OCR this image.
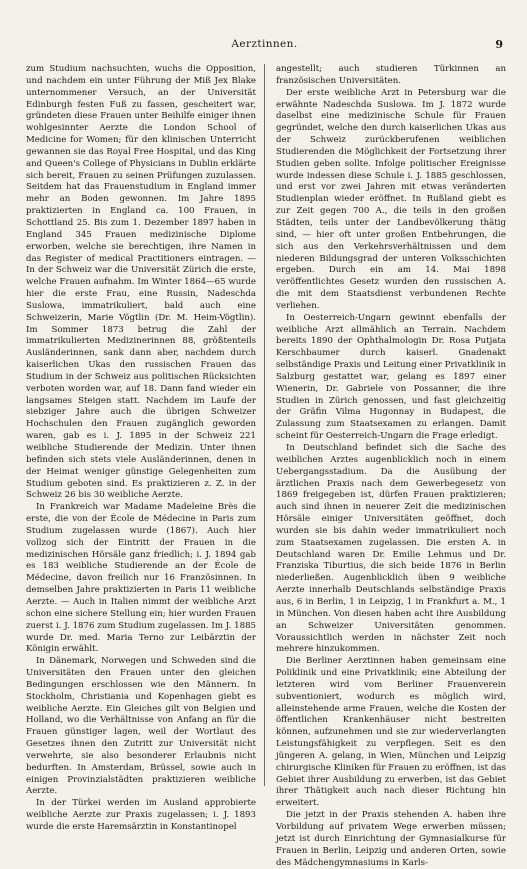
Aerztinnen.	9

zum Studium nachsuchten, wuchs die Opposition, und nachdem ein unter Führung der Miß Jex Blake unternommener Versuch, an der Universität Edinburgh festen Fuß zu fassen, gescheitert war, gründeten diese Frauen unter Beihilfe einiger ihnen wohlgesinnter Aerzte die London School of Medicine for Women; für den klinischen Unterricht gewannen sie das Royal Free Hospital, und das King and Queen's College of Physicians in Dublin erklärte sich bereit, Frauen zu seinen Prüfungen zuzulassen. Seitdem hat das Frauenstudium in England immer mehr an Boden gewonnen. Im Jahre 1895 praktizierten in England ca. 100 Frauen, in Schottland 25. Bis zum 1. Dezember 1897 haben in England 345 Frauen medizinische Diplome erworben, welche sie berechtigen, ihre Namen in das Register of medical Practitioners eintragen. — In der Schweiz war die Universität Zürich die erste, welche Frauen aufnahm. Im Winter 1864—65 wurde hier die erste Frau, eine Russin, Nadeschda Suslowa, immatrikuliert, bald auch eine Schweizerin, Marie Vögtlin (Dr. M. Heim-Vögtlin). Im Sommer 1873 betrug die Zahl der immatrikulierten Medizinerinnen 88, größtenteils Ausländerinnen, sank dann aber, nachdem durch kaiserlichen Ukas den russischen Frauen das Studium in der Schweiz aus politischen Rücksichten verboten worden war, auf 18. Dann fand wieder ein langsames Steigen statt. Nachdem im Laufe der siebziger Jahre auch die übrigen Schweizer Hochschulen den Frauen zugänglich geworden waren, gab es i. J. 1895 in der Schweiz 221 weibliche Studierende der Medizin. Unter ihnen befinden sich stets viele Ausländerinnen, denen in der Heimat weniger günstige Gelegenheiten zum Studium geboten sind. Es praktizieren z. Z. in der Schweiz 26 bis 30 weibliche Aerzte.

In Frankreich war Madame Madeleine Brès die erste, die von der École de Médecine in Paris zum Studium zugelassen wurde (1867). Auch hier vollzog sich der Eintritt der Frauen in die medizinischen Hörsäle ganz friedlich; i. J. 1894 gab es 183 weibliche Studierende an der École de Médecine, davon freilich nur 16 Französinnen. In demselben Jahre praktizierten in Paris 11 weibliche Aerzte. — Auch in Italien nimmt der weibliche Arzt schon eine sichere Stellung ein; hier wurden Frauen zuerst i. J. 1876 zum Studium zugelassen. Im J. 1885 wurde Dr. med. Maria Terno zur Leibärztin der Königin erwählt.

In Dänemark, Norwegen und Schweden sind die Universitäten den Frauen unter den gleichen Bedingungen erschlossen wie den Männern. In Stockholm, Christiania und Kopenhagen giebt es weibliche Aerzte. Ein Gleiches gilt von Belgien und Holland, wo die Verhältnisse von Anfang an für die Frauen günstiger lagen, weil der Wortlaut des Gesetzes ihnen den Zutritt zur Universität nicht verwehrte, sie also besonderer Erlaubnis nicht bedurften. In Amsterdam, Brüssel, sowie auch in einigen Provinzialstädten praktizieren weibliche Aerzte.

In der Türkei werden im Ausland approbierte weibliche Aerzte zur Praxis zugelassen; i. J. 1893 wurde die erste Haremsärztin in Konstantinopel

angestellt; auch studieren Türkinnen an französischen Universitäten.

Der erste weibliche Arzt in Petersburg war die erwähnte Nadeschda Suslowa. Im J. 1872 wurde daselbst eine medizinische Schule für Frauen gegründet, welche den durch kaiserlichen Ukas aus der Schweiz zurückberufenen weiblichen Studierenden die Möglichkeit der Fortsetzung ihrer Studien geben sollte. Infolge politischer Ereignisse wurde indessen diese Schule i. J. 1885 geschlossen, und erst vor zwei Jahren mit etwas veränderten Studienplan wieder eröffnet. In Rußland giebt es zur Zeit gegen 700 A., die teils in den großen Städten, teils unter der Landbevölkerung thätig sind, — hier oft unter großen Entbehrungen, die sich aus den Verkehrsverhältnissen und dem niederen Bildungsgrad der unteren Volksschichten ergeben. Durch ein am 14. Mai 1898 veröffentlichtes Gesetz wurden den russischen A. die mit dem Staatsdienst verbundenen Rechte verliehen.

In Oesterreich-Ungarn gewinnt ebenfalls der weibliche Arzt allmählich an Terrain. Nachdem bereits 1890 der Ophthalmologin Dr. Rosa Putjata Kerschbaumer durch kaiserl. Gnadenakt selbständige Praxis und Leitung einer Privatklinik in Salzburg gestattet war, gelang es 1897 einer Wienerin, Dr. Gabriele von Possanner, die ihre Studien in Zürich genossen, und fast gleichzeitig der Gräfin Vilma Hugonnay in Budapest, die Zulassung zum Staatsexamen zu erlangen. Damit scheint für Oesterreich-Ungarn die Frage erledigt.

In Deutschland befindet sich die Sache des weiblichen Arztes augenblicklich noch in einem Uebergangsstadium. Da die Ausübung der ärztlichen Praxis nach dem Gewerbegesetz von 1869 freigegeben ist, dürfen Frauen praktizieren; auch sind ihnen in neuerer Zeit die medizinischen Hörsäle einiger Universitäten geöffnet, doch wurden sie bis dahin weder immatrikuliert noch zum Staatsexamen zugelassen. Die ersten A. in Deutschland waren Dr. Emilie Lehmus und Dr. Franziska Tiburtius, die sich beide 1876 in Berlin niederließen. Augenblicklich üben 9 weibliche Aerzte innerhalb Deutschlands selbständige Praxis aus, 6 in Berlin, 1 in Leipzig, 1 in Frankfurt a. M., 1 in München. Von diesen haben acht ihre Ausbildung an Schweizer Universitäten genommen. Voraussichtlich werden in nächster Zeit noch mehrere hinzukommen.

Die Berliner Aerztinnen haben gemeinsam eine Poliklinik und eine Privatklinik; eine Abteilung der letzteren wird vom Berliner Frauenverein subventioniert, wodurch es möglich wird, alleinstehende arme Frauen, welche die Kosten der öffentlichen Krankenhäuser nicht bestreiten können, aufzunehmen und sie zur wiederverlangten Leistungsfähigkeit zu verpflegen. Seit es den jüngeren A. gelang, in Wien, München und Leipzig chirurgische Kliniken für Frauen zu eröffnen, ist das Gebiet ihrer Ausbildung zu erwerben, ist das Gebiet ihrer Thätigkeit auch nach dieser Richtung hin erweitert.

Die jetzt in der Praxis stehenden A. haben ihre Vorbildung auf privatem Wege erwerben müssen; jetzt ist durch Einrichtung der Gymnasialkurse für Frauen in Berlin, Leipzig und anderen Orten, sowie des Mädchengymnasiums in Karls-
